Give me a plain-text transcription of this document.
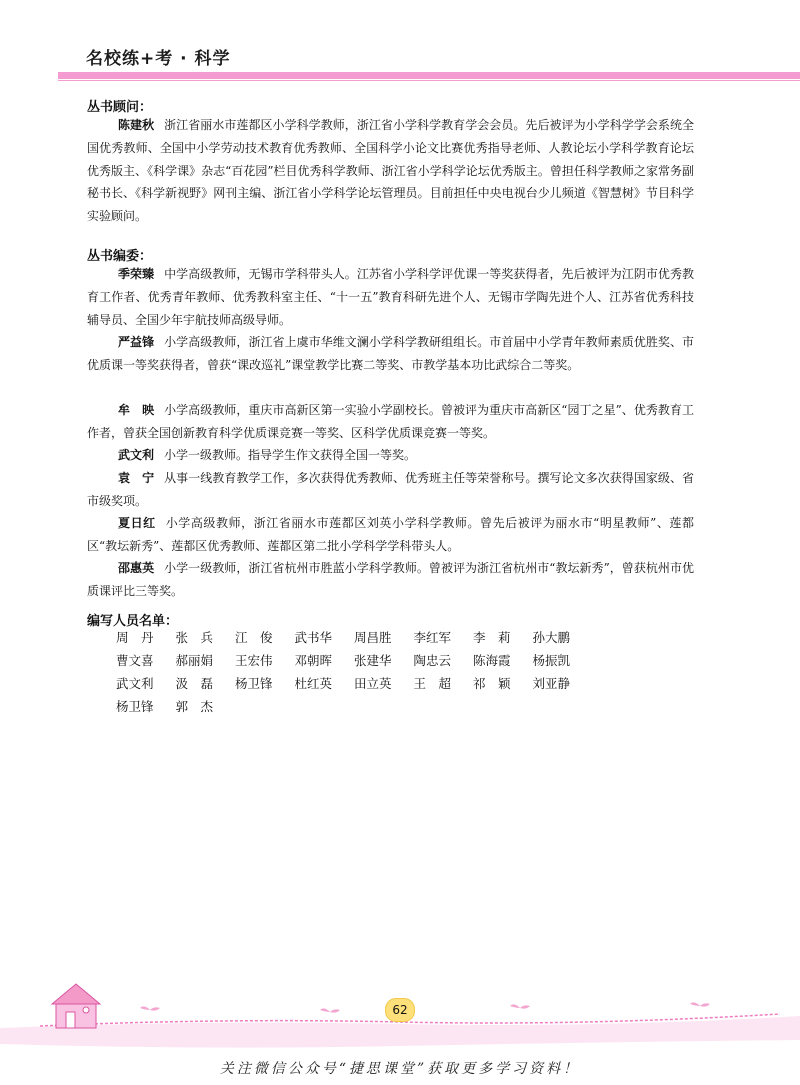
名校练+考 · 科学
丛书顾问：
陈建秋 浙江省丽水市莲都区小学科学教师，浙江省小学科学教育学会会员。先后被评为小学科学学会系统全国优秀教师、全国中小学劳动技术教育优秀教师、全国科学小论文比赛优秀指导老师、人教论坛小学科学教育论坛优秀版主、《科学课》杂志“百花园”栏目优秀科学教师、浙江省小学科学论坛优秀版主。曾担任科学教师之家常务副秘书长、《科学新视野》网刊主编、浙江省小学科学论坛管理员。目前担任中央电视台少儿频道《智慧树》节目科学实验顾问。
丛书编委：
季荣臻 中学高级教师，无锡市学科带头人。江苏省小学科学评优课一等奖获得者，先后被评为江阴市优秀教育工作者、优秀青年教师、优秀教科室主任、“十一五”教育科研先进个人、无锡市学陶先进个人、江苏省优秀科技辅导员、全国少年宇航技师高级导师。
严益锋 小学高级教师，浙江省上虞市华维文澜小学科学教研组组长。市首届中小学青年教师素质优胜奖、市优质课一等奖获得者，曾获“课改巡礼”课堂教学比赛二等奖、市教学基本功比武综合二等奖。
牟　映 小学高级教师，重庆市高新区第一实验小学副校长。曾被评为重庆市高新区“园丁之星”、优秀教育工作者，曾获全国创新教育科学优质课竞赛一等奖、区科学优质课竞赛一等奖。
武文利 小学一级教师。指导学生作文获得全国一等奖。
袁　宁 从事一线教育教学工作，多次获得优秀教师、优秀班主任等荣誉称号。撰写论文多次获得国家级、省市级奖项。
夏日红 小学高级教师，浙江省丽水市莲都区刘英小学科学教师。曾先后被评为丽水市“明星教师”、莲都区“教坛新秀”、莲都区优秀教师、莲都区第二批小学科学学科带头人。
邵惠英 小学一级教师，浙江省杭州市胜蓝小学科学教师。曾被评为浙江省杭州市“教坛新秀”，曾获杭州市优质课评比三等奖。
编写人员名单：
周　丹	张　兵	江　俊	武书华	周昌胜	李红军	李　莉	孙大鹏
曹文喜	郝丽娟	王宏伟	邓朝晖	张建华	陶忠云	陈海霞	杨振凯
武文利	汲　磊	杨卫锋	杜红英	田立英	王　超	祁　颖	刘亚静
杨卫锋	郭　杰
62
关注微信公众号“捷思课堂”获取更多学习资料！
